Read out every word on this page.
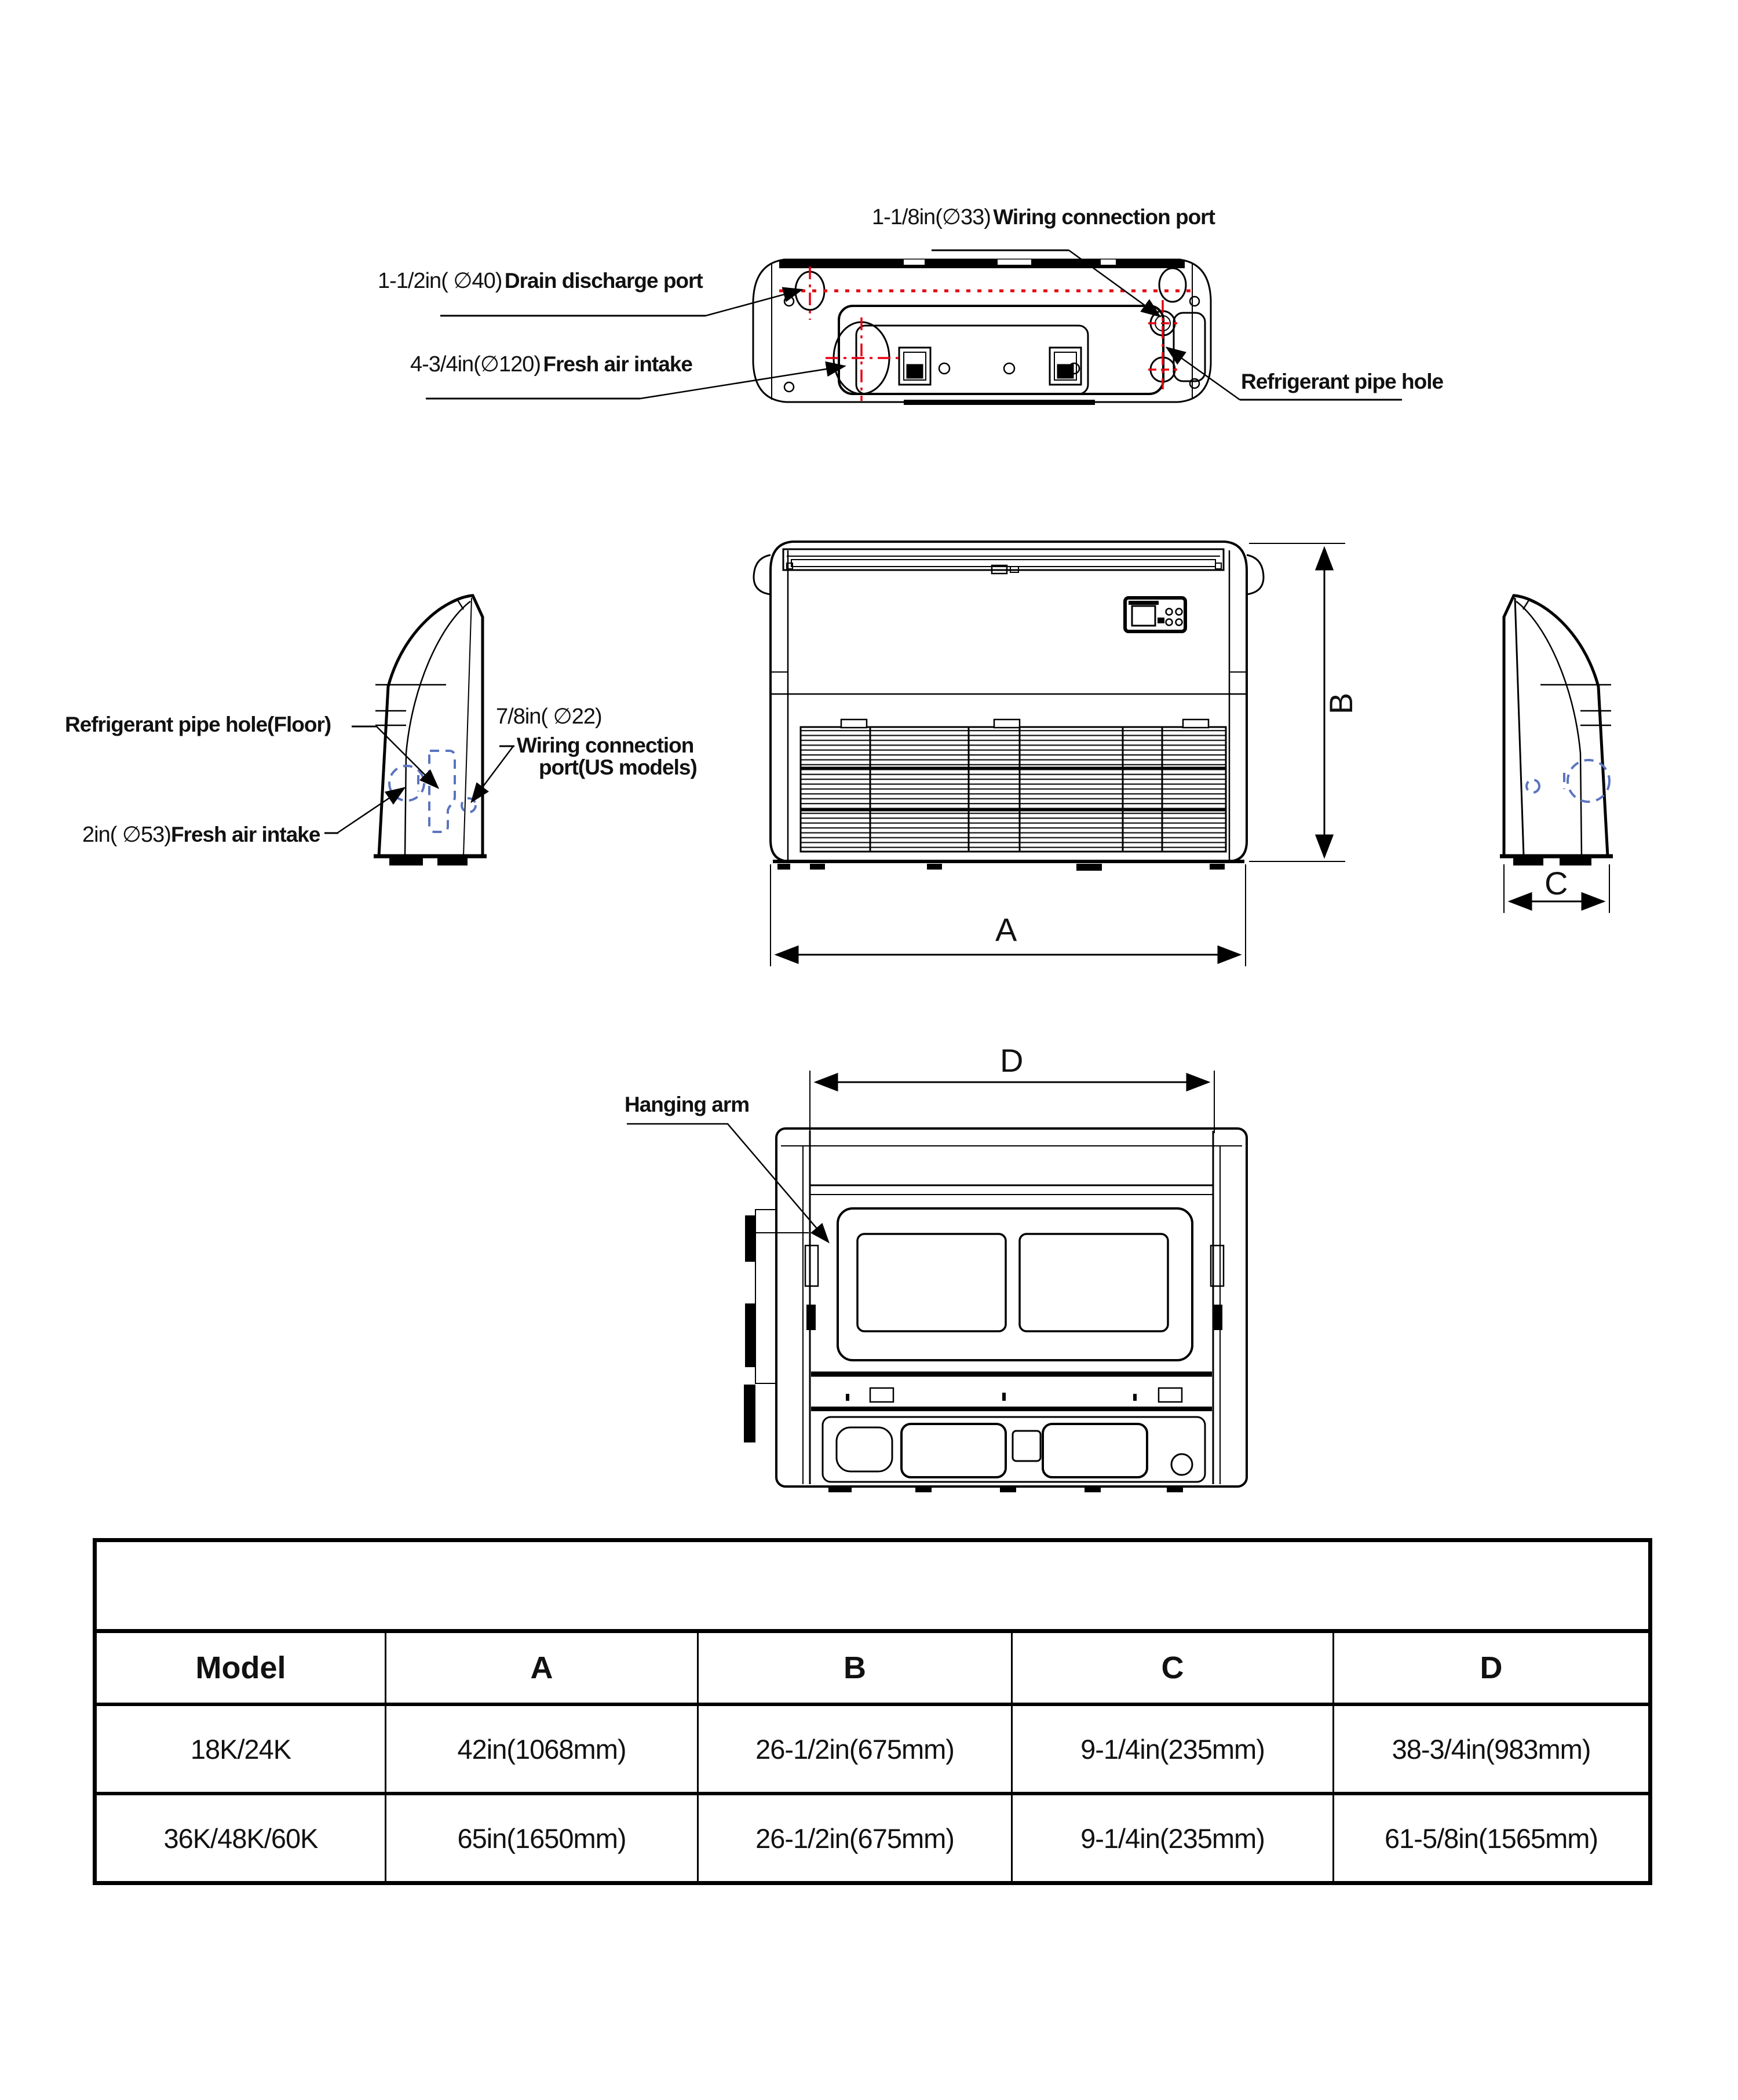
1-1/8in(∅33) Wiring connection port
1-1/2in( ∅40) Drain discharge port
4-3/4in(∅120) Fresh air intake
Refrigerant pipe hole
Refrigerant pipe hole(Floor)	7/8in( ∅22)
Wiring connection
port(US models)
2in( ∅53)Fresh air intake
Hanging arm
A
B
C
D

Model	A	B	C	D
18K/24K	42in(1068mm)	26-1/2in(675mm)	9-1/4in(235mm)	38-3/4in(983mm)
36K/48K/60K	65in(1650mm)	26-1/2in(675mm)	9-1/4in(235mm)	61-5/8in(1565mm)
